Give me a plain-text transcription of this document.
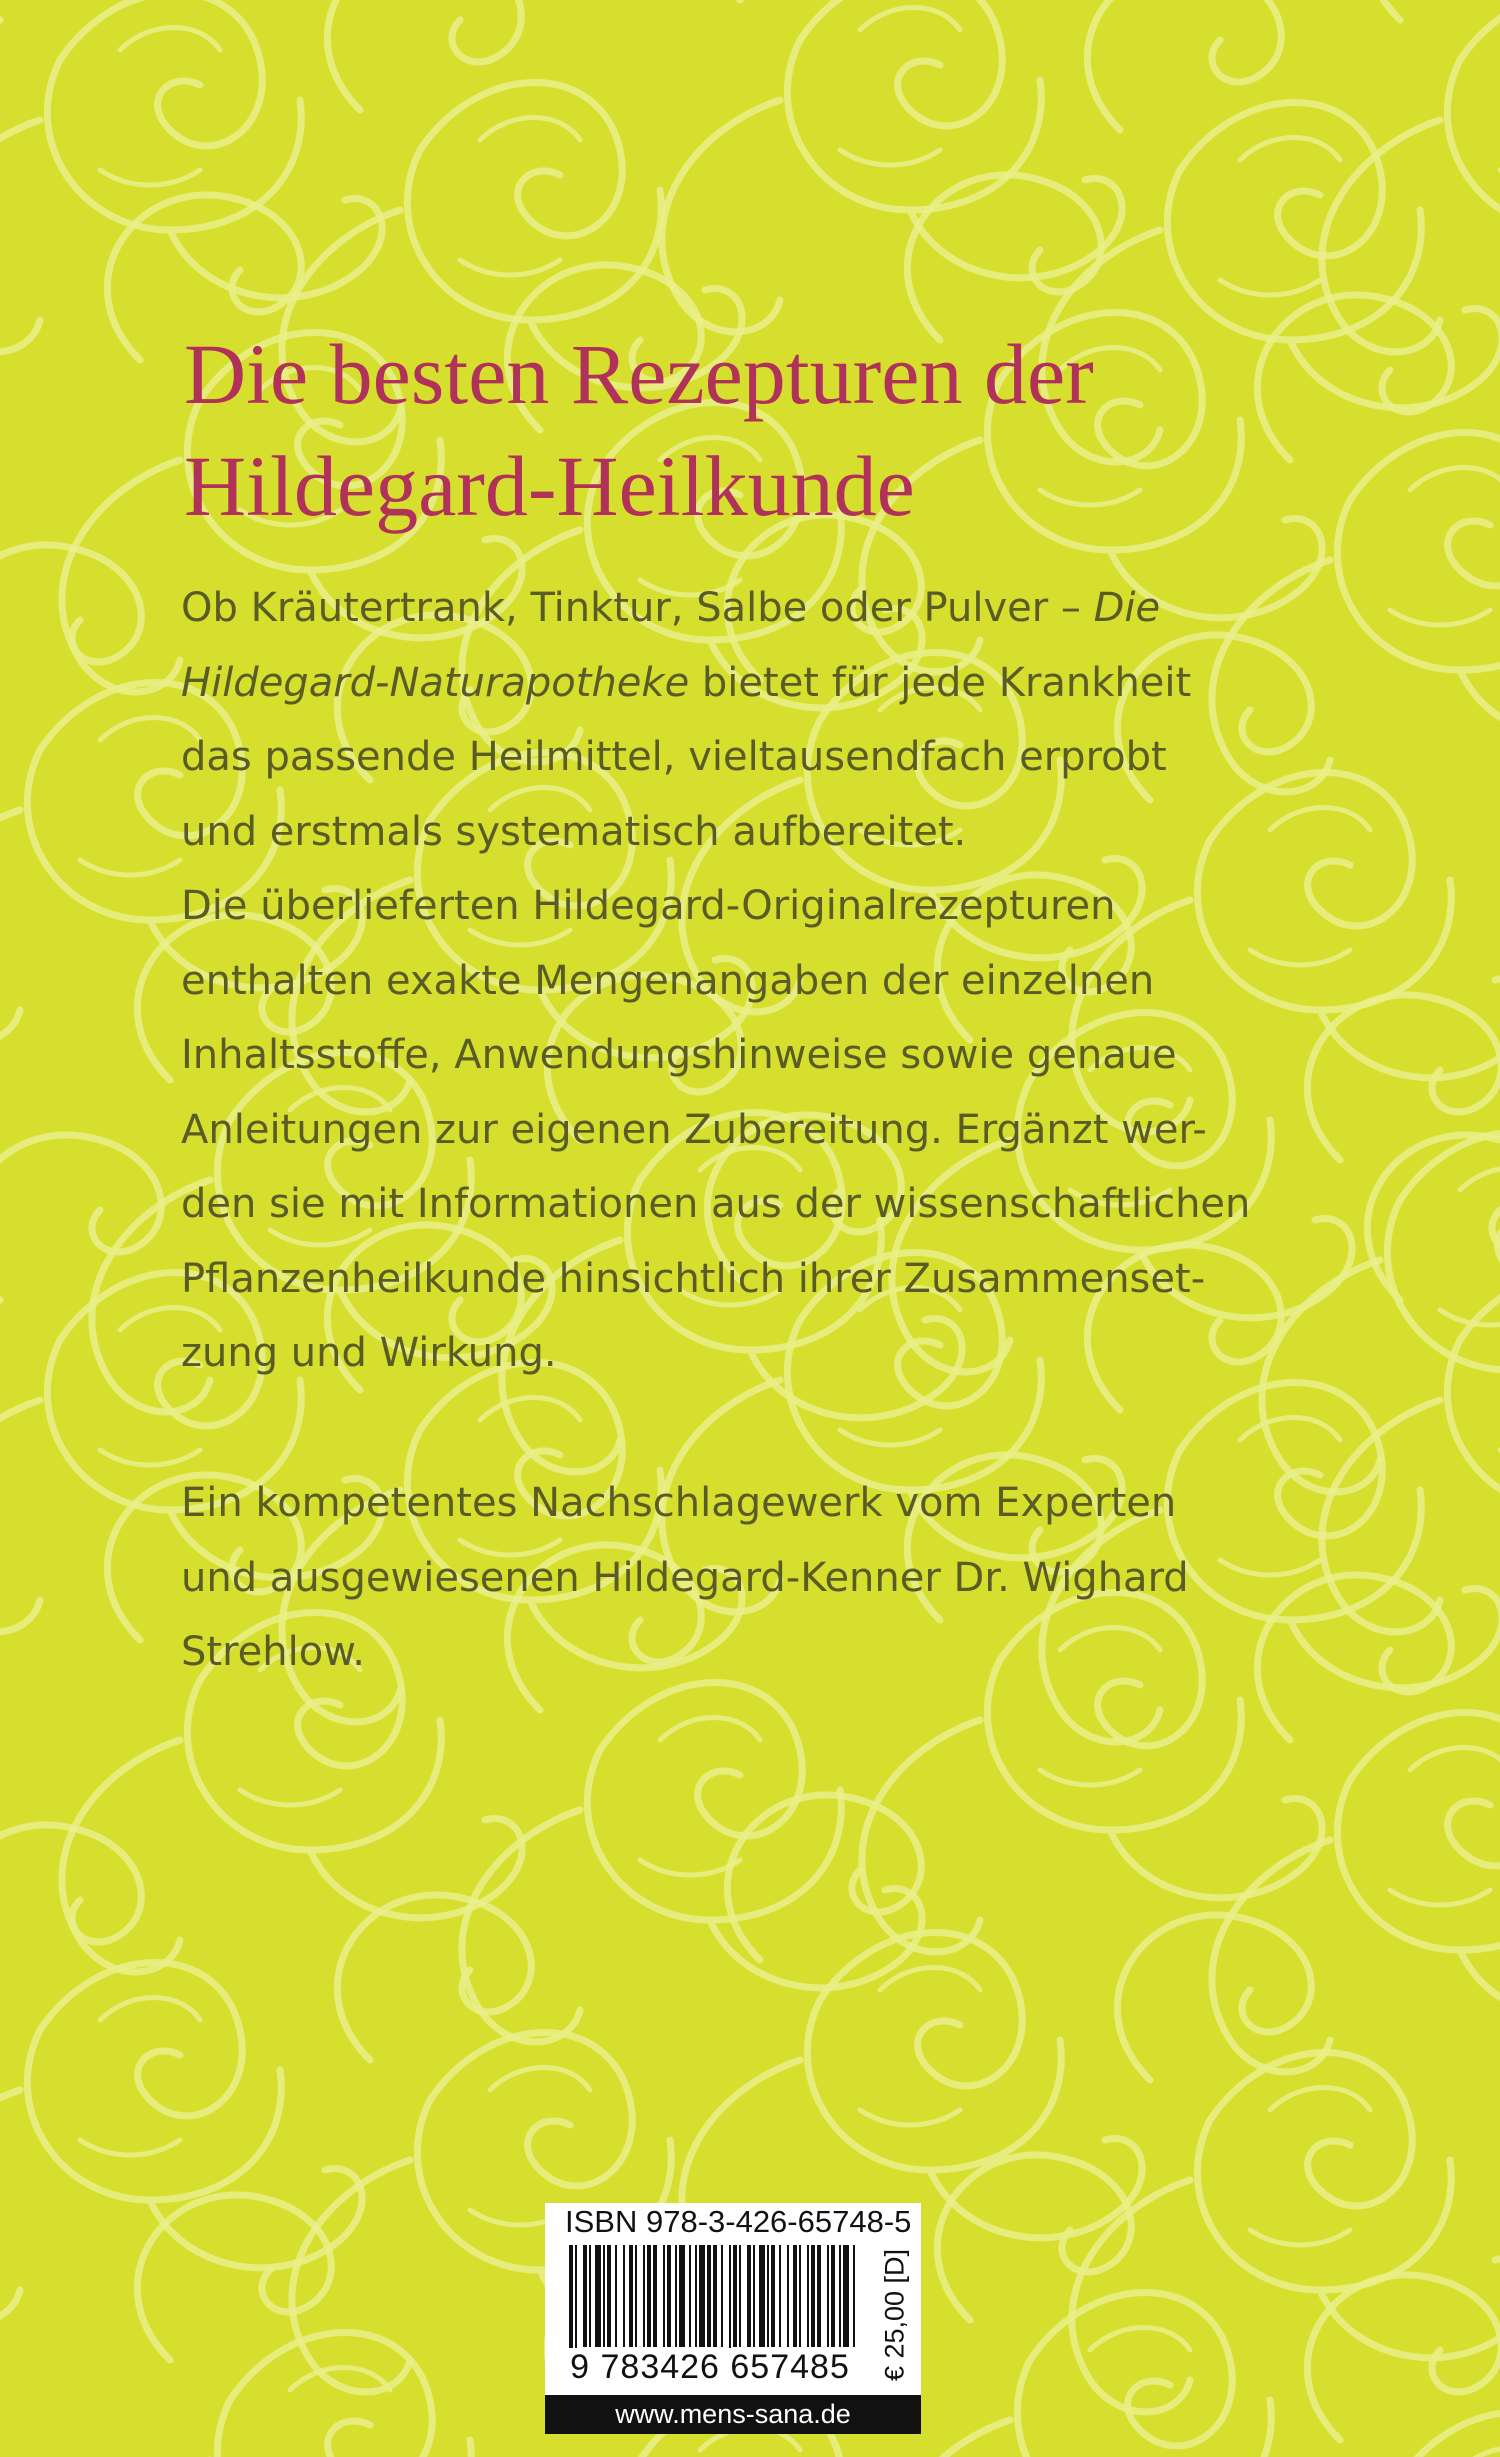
Die besten Rezepturen der
Hildegard-Heilkunde

Ob Kräutertrank, Tinktur, Salbe oder Pulver – Die
Hildegard-Naturapotheke bietet für jede Krankheit
das passende Heilmittel, vieltausendfach erprobt
und erstmals systematisch aufbereitet.
Die überlieferten Hildegard-Originalrezepturen
enthalten exakte Mengenangaben der einzelnen
Inhaltsstoffe, Anwendungshinweise sowie genaue
Anleitungen zur eigenen Zubereitung. Ergänzt wer-
den sie mit Informationen aus der wissenschaftlichen
Pflanzenheilkunde hinsichtlich ihrer Zusammenset-
zung und Wirkung.

Ein kompetentes Nachschlagewerk vom Experten
und ausgewiesenen Hildegard-Kenner Dr. Wighard
Strehlow.

ISBN 978-3-426-65748-5
€ 25,00 [D]
9 783426 657485
www.mens-sana.de
